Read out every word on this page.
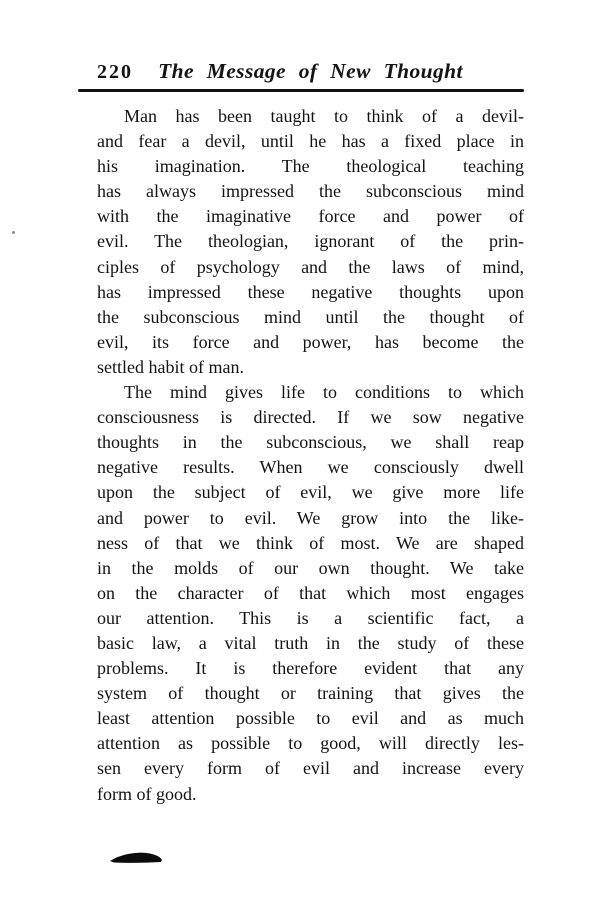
220	The Message of New Thought
Man has been taught to think of a devil-
and fear a devil, until he has a fixed place in
his imagination. The theological teaching
has always impressed the subconscious mind
with the imaginative force and power of
evil. The theologian, ignorant of the prin-
ciples of psychology and the laws of mind,
has impressed these negative thoughts upon
the subconscious mind until the thought of
evil, its force and power, has become the
settled habit of man.
The mind gives life to conditions to which
consciousness is directed. If we sow negative
thoughts in the subconscious, we shall reap
negative results. When we consciously dwell
upon the subject of evil, we give more life
and power to evil. We grow into the like-
ness of that we think of most. We are shaped
in the molds of our own thought. We take
on the character of that which most engages
our attention. This is a scientific fact, a
basic law, a vital truth in the study of these
problems. It is therefore evident that any
system of thought or training that gives the
least attention possible to evil and as much
attention as possible to good, will directly les-
sen every form of evil and increase every
form of good.
